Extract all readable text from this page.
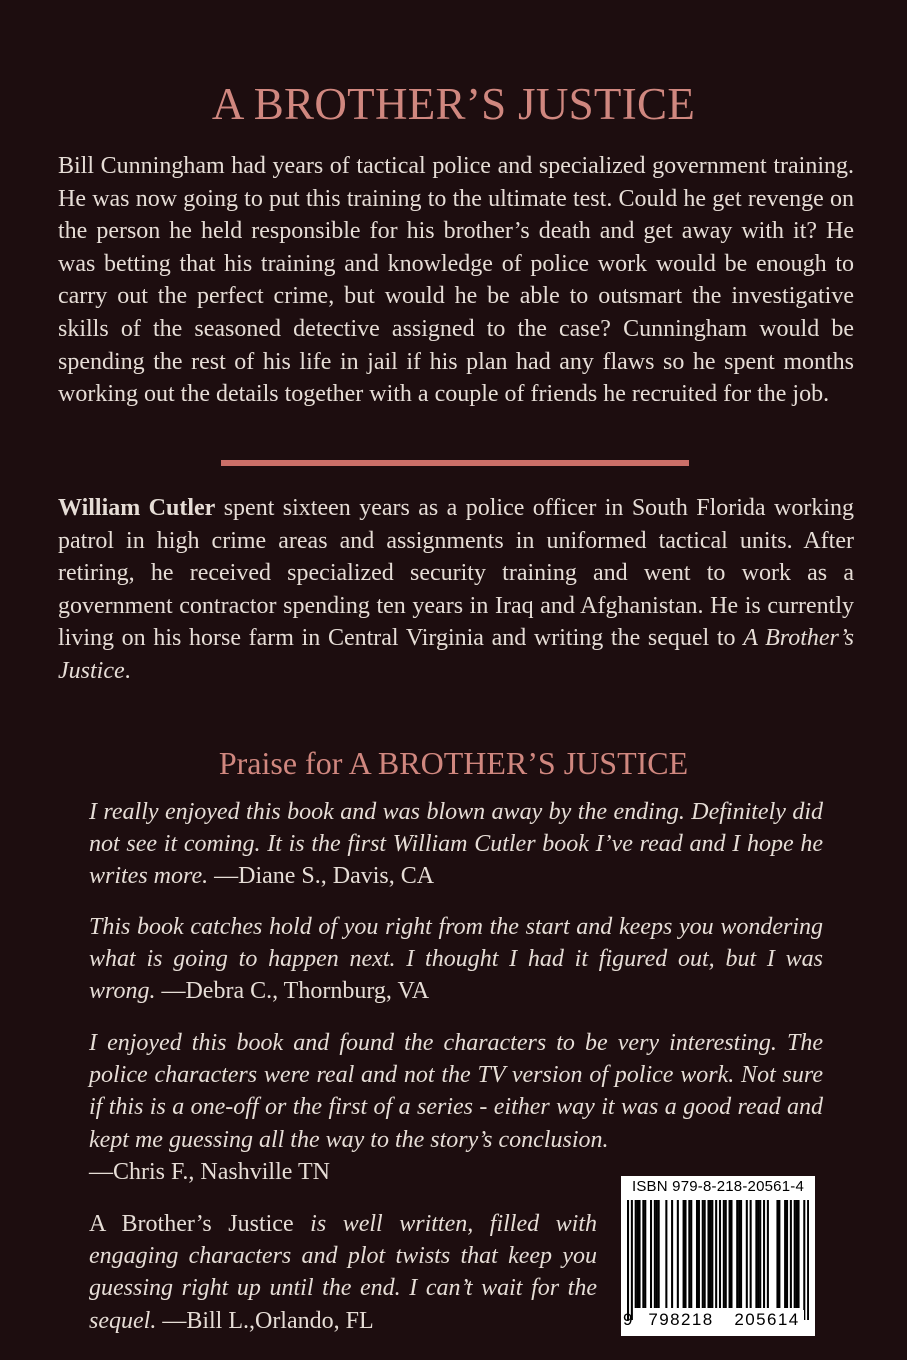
A BROTHER’S JUSTICE

Bill Cunningham had years of tactical police and specialized government training. He was now going to put this training to the ultimate test. Could he get revenge on the person he held responsible for his brother’s death and get away with it? He was betting that his training and knowledge of police work would be enough to carry out the perfect crime, but would he be able to outsmart the investigative skills of the seasoned detective assigned to the case? Cunningham would be spending the rest of his life in jail if his plan had any flaws so he spent months working out the details together with a couple of friends he recruited for the job.

William Cutler spent sixteen years as a police officer in South Florida working patrol in high crime areas and assignments in uniformed tactical units. After retiring, he received specialized security training and went to work as a government contractor spending ten years in Iraq and Afghanistan. He is currently living on his horse farm in Central Virginia and writing the sequel to A Brother’s Justice.

Praise for A BROTHER’S JUSTICE

I really enjoyed this book and was blown away by the ending. Definitely did not see it coming. It is the first William Cutler book I’ve read and I hope he writes more. —Diane S., Davis, CA

This book catches hold of you right from the start and keeps you wondering what is going to happen next. I thought I had it figured out, but I was wrong. —Debra C., Thornburg, VA

I enjoyed this book and found the characters to be very interesting. The police characters were real and not the TV version of police work. Not sure if this is a one-off or the first of a series - either way it was a good read and kept me guessing all the way to the story’s conclusion.
—Chris F., Nashville TN

A Brother’s Justice is well written, filled with engaging characters and plot twists that keep you guessing right up until the end. I can’t wait for the sequel. —Bill L.,Orlando, FL

ISBN 979-8-218-20561-4
9 798218 205614
